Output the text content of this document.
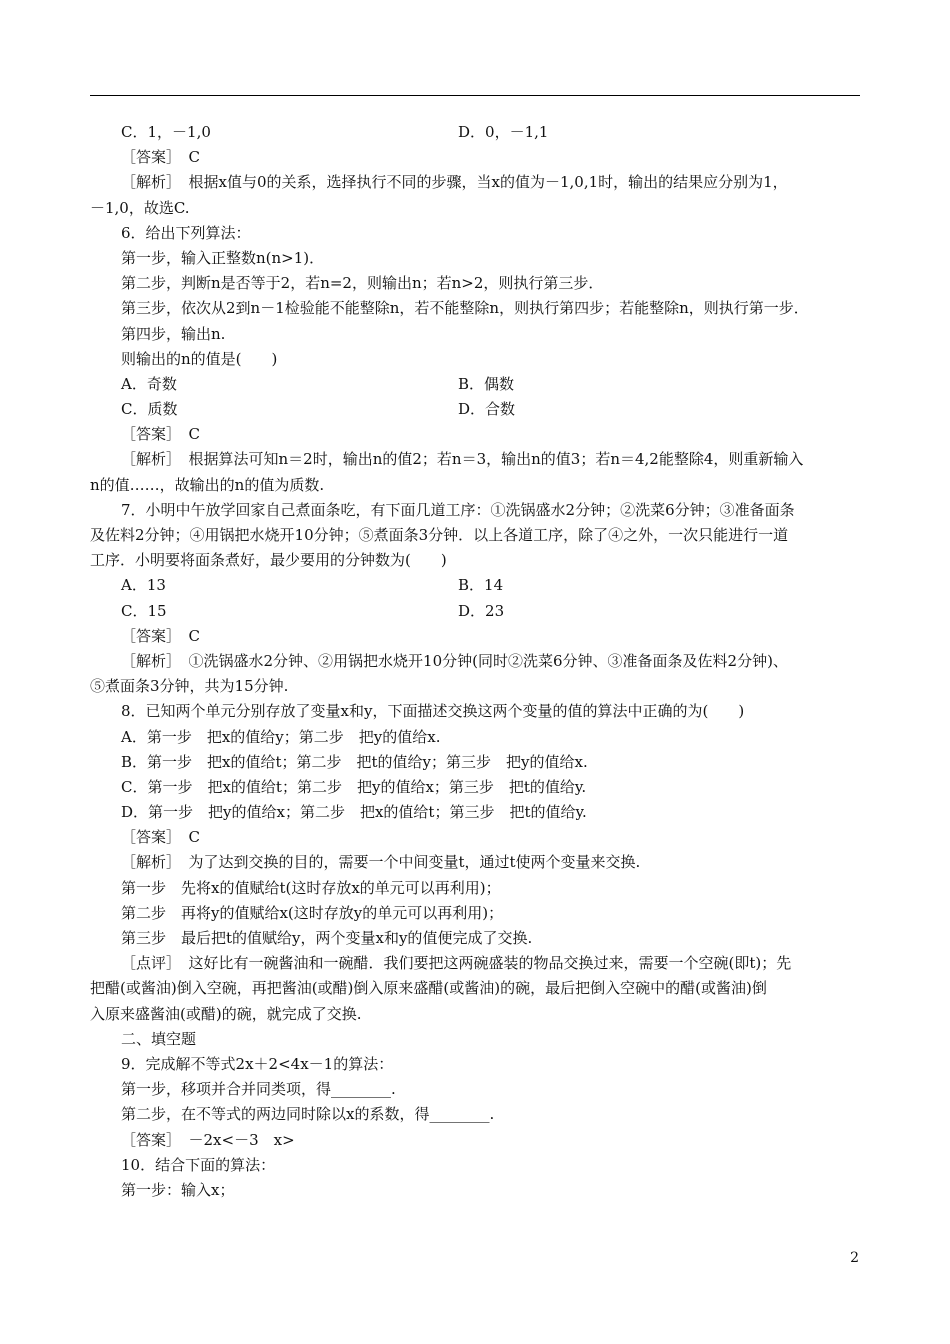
C．1，－1,0	D．0，－1,1
［答案］　C
［解析］　根据x值与0的关系，选择执行不同的步骤，当x的值为－1,0,1时，输出的结果应分别为1，
－1,0，故选C.
6．给出下列算法：
第一步，输入正整数n(n>1)．
第二步，判断n是否等于2，若n=2，则输出n；若n>2，则执行第三步．
第三步，依次从2到n－1检验能不能整除n，若不能整除n，则执行第四步；若能整除n，则执行第一步．
第四步，输出n.
则输出的n的值是(　　)
A．奇数	B．偶数
C．质数	D．合数
［答案］　C
［解析］　根据算法可知n＝2时，输出n的值2；若n＝3，输出n的值3；若n＝4,2能整除4，则重新输入
n的值……，故输出的n的值为质数.
7．小明中午放学回家自己煮面条吃，有下面几道工序：①洗锅盛水2分钟；②洗菜6分钟；③准备面条
及佐料2分钟；④用锅把水烧开10分钟；⑤煮面条3分钟．以上各道工序，除了④之外，一次只能进行一道
工序．小明要将面条煮好，最少要用的分钟数为(　　)
A．13	B．14
C．15	D．23
［答案］　C
［解析］　①洗锅盛水2分钟、②用锅把水烧开10分钟(同时②洗菜6分钟、③准备面条及佐料2分钟)、
⑤煮面条3分钟，共为15分钟.
8．已知两个单元分别存放了变量x和y，下面描述交换这两个变量的值的算法中正确的为(　　)
A．第一步　把x的值给y；第二步　把y的值给x.
B．第一步　把x的值给t；第二步　把t的值给y；第三步　把y的值给x.
C．第一步　把x的值给t；第二步　把y的值给x；第三步　把t的值给y.
D．第一步　把y的值给x；第二步　把x的值给t；第三步　把t的值给y.
［答案］　C
［解析］　为了达到交换的目的，需要一个中间变量t，通过t使两个变量来交换.
第一步　先将x的值赋给t(这时存放x的单元可以再利用)；
第二步　再将y的值赋给x(这时存放y的单元可以再利用)；
第三步　最后把t的值赋给y，两个变量x和y的值便完成了交换.
［点评］　这好比有一碗酱油和一碗醋．我们要把这两碗盛装的物品交换过来，需要一个空碗(即t)；先
把醋(或酱油)倒入空碗，再把酱油(或醋)倒入原来盛醋(或酱油)的碗，最后把倒入空碗中的醋(或酱油)倒
入原来盛酱油(或醋)的碗，就完成了交换.
二、填空题
9．完成解不等式2x＋2<4x－1的算法：
第一步，移项并合并同类项，得________.
第二步，在不等式的两边同时除以x的系数，得________.
［答案］　－2x<－3　x>
10．结合下面的算法：
第一步：输入x；
2
